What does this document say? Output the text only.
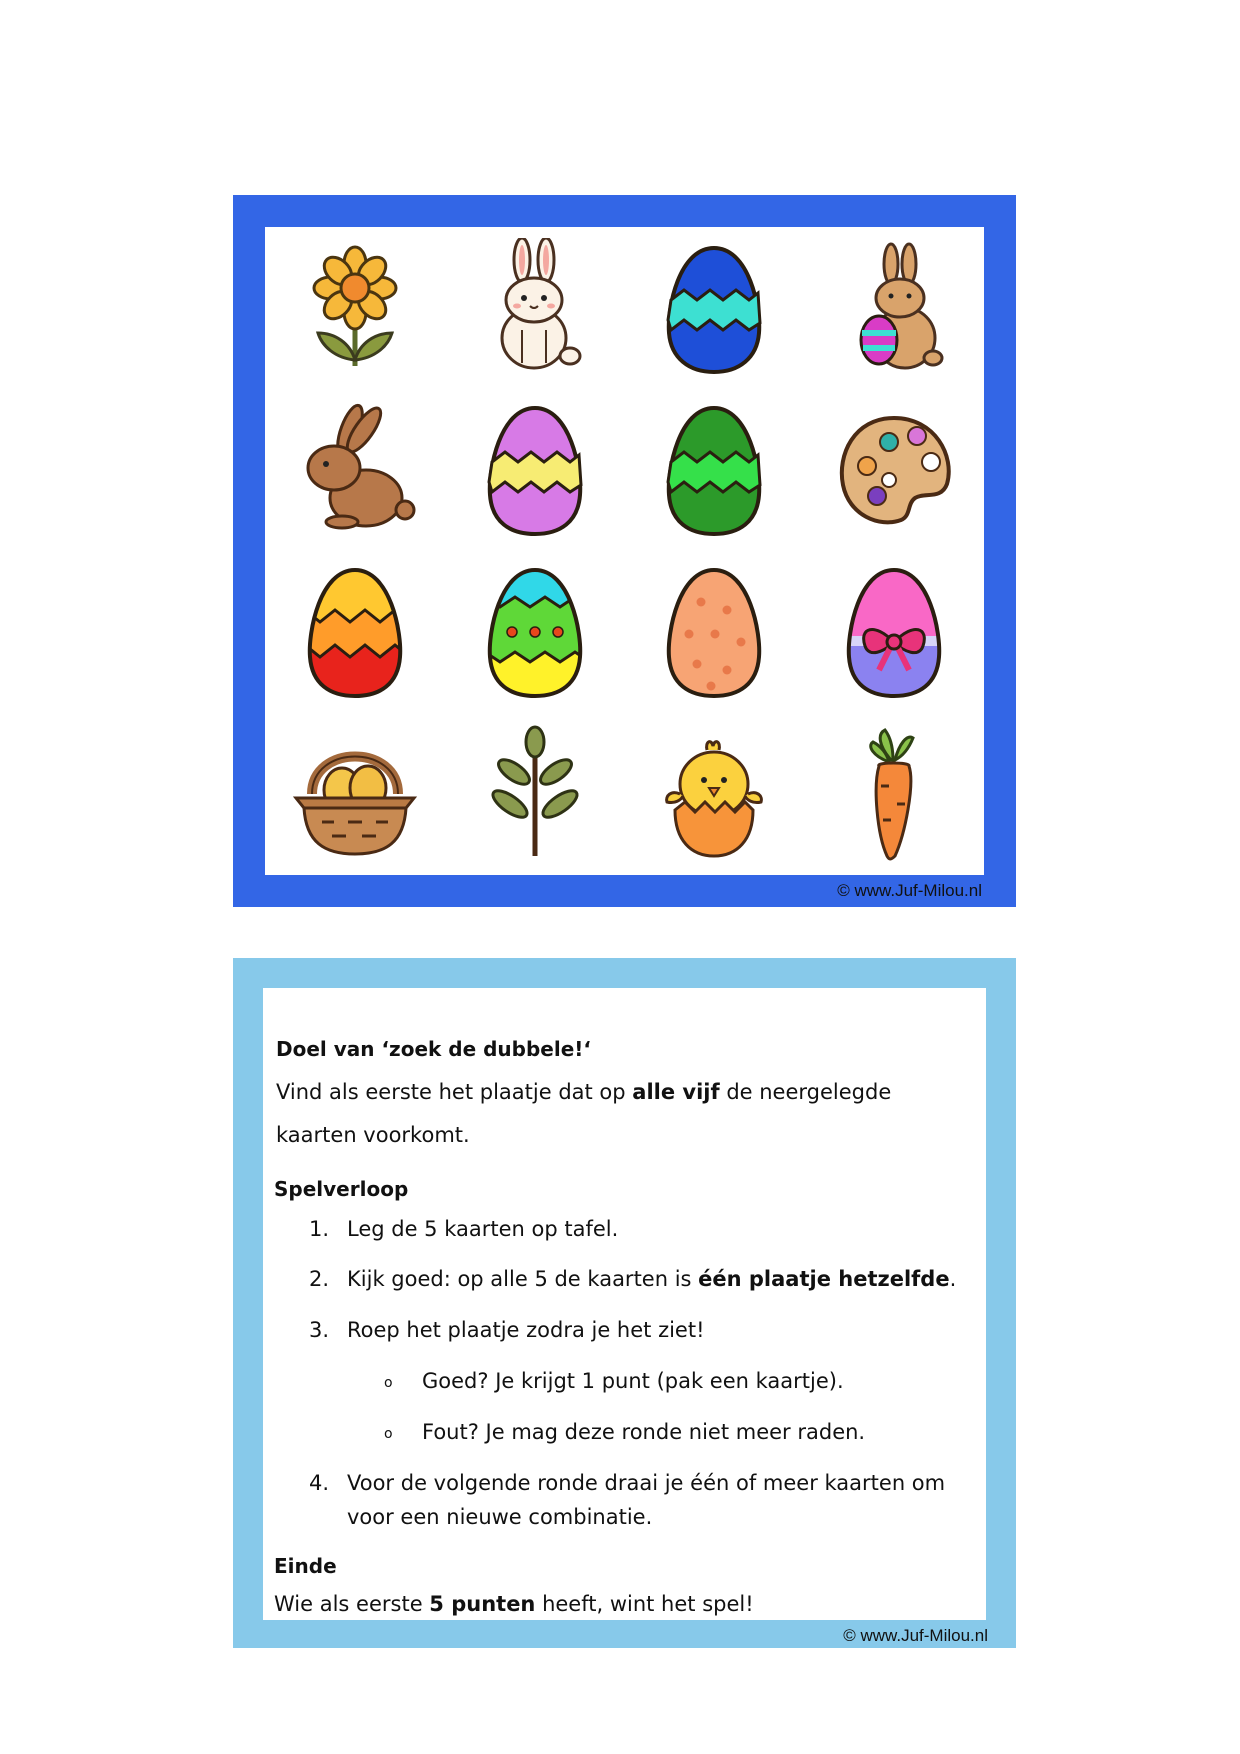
© www.Juf-Milou.nl
Doel van ‘zoek de dubbele!‘
Vind als eerste het plaatje dat op alle vijf de neergelegde
kaarten voorkomt.
Spelverloop
1. Leg de 5 kaarten op tafel.
2. Kijk goed: op alle 5 de kaarten is één plaatje hetzelfde.
3. Roep het plaatje zodra je het ziet!
o Goed? Je krijgt 1 punt (pak een kaartje).
o Fout? Je mag deze ronde niet meer raden.
4. Voor de volgende ronde draai je één of meer kaarten om
voor een nieuwe combinatie.
Einde
Wie als eerste 5 punten heeft, wint het spel!
© www.Juf-Milou.nl
